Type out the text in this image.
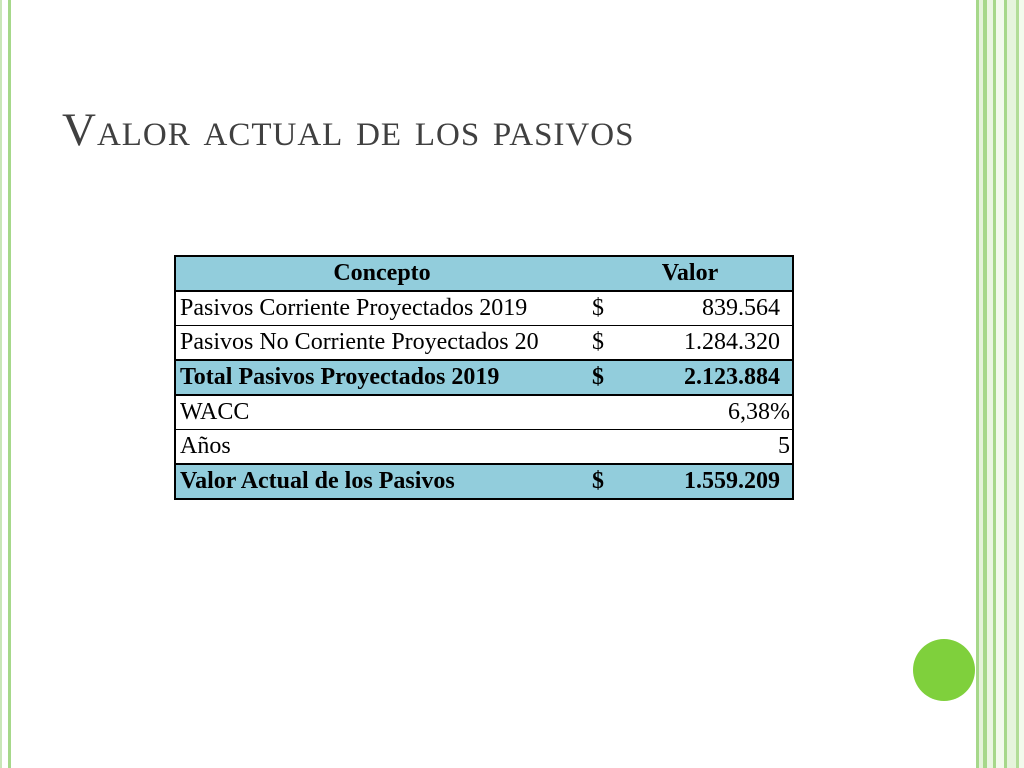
Valor actual de los pasivos
Concepto	Valor	
Pasivos Corriente Proyectados 2019	$	839.564
Pasivos No Corriente Proyectados 20	$	1.284.320
Total Pasivos Proyectados 2019	$	2.123.884
WACC		6,38%
Años		5
Valor Actual de los Pasivos	$	1.559.209
